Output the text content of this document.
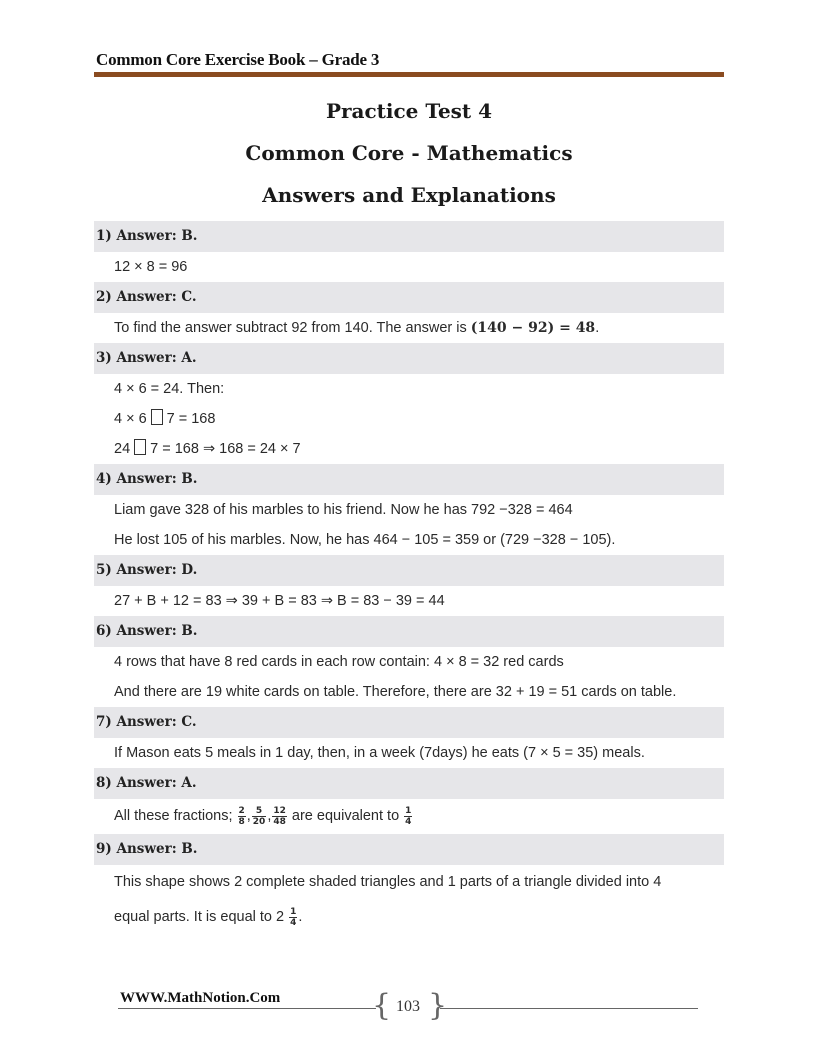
Common Core Exercise Book – Grade 3
Practice Test 4
Common Core - Mathematics
Answers and Explanations
1) Answer: B.
12 × 8 = 96
2) Answer: C.
To find the answer subtract 92 from 140. The answer is (140 − 92) = 48.
3) Answer: A.
4 × 6 = 24. Then:
4 × 6 7 = 168
24 7 = 168 ⇒ 168 = 24 × 7
4) Answer: B.
Liam gave 328 of his marbles to his friend. Now he has 792 −328 = 464
He lost 105 of his marbles. Now, he has 464 − 105 = 359 or (729 −328 − 105).
5) Answer: D.
27 + B + 12 = 83 ⇒ 39 + B = 83 ⇒ B = 83 − 39 = 44
6) Answer: B.
4 rows that have 8 red cards in each row contain: 4 × 8 = 32 red cards
And there are 19 white cards on table. Therefore, there are 32 + 19 = 51 cards on table.
7) Answer: C.
If Mason eats 5 meals in 1 day, then, in a week (7days) he eats (7 × 5 = 35) meals.
8) Answer: A.
All these fractions; $\frac{2}{8}$ , $\frac{5}{20}$ , $\frac{12}{48}$ are equivalent to $\frac{1}{4}$
9) Answer: B.
This shape shows 2 complete shaded triangles and 1 parts of a triangle divided into 4
equal parts. It is equal to $2 \frac{1}{4}$ .
WWW.MathNotion.Com	{ 103 }
